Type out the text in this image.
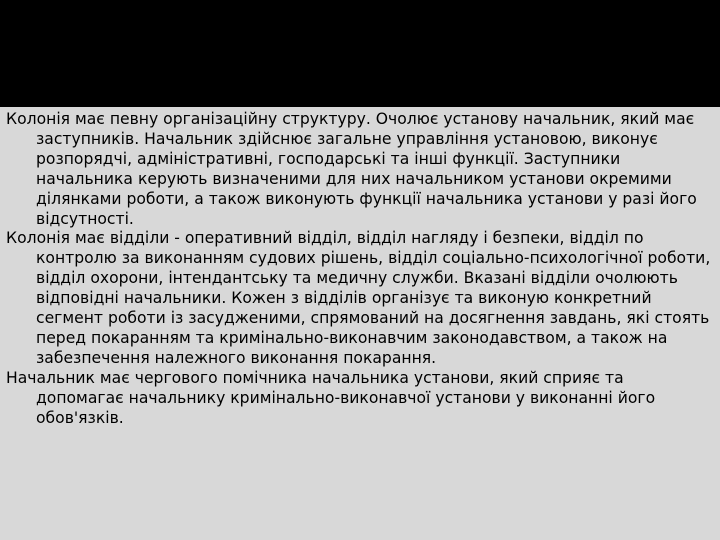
Колонія має певну організаційну структуру. Очолює установу начальник, який має заступників. Начальник здійснює загальне управління установою, виконує розпорядчі, адміністративні, господарські та інші функції. Заступники начальника керують визначеними для них начальником установи окремими ділянками роботи, а також виконують функції начальника установи у разі його відсутності.

Колонія має відділи - оперативний відділ, відділ нагляду і безпеки, відділ по контролю за виконанням судових рішень, відділ соціально-психологічної роботи, відділ охорони, інтендантську та медичну служби. Вказані відділи очолюють відповідні начальники. Кожен з відділів організує та виконую конкретний сегмент роботи із засудженими, спрямований на досягнення завдань, які стоять перед покаранням та кримінально-виконавчим законодавством, а також на забезпечення належного виконання покарання.

Начальник має чергового помічника начальника установи, який сприяє та допомагає начальнику кримінально-виконавчої установи у виконанні його обов'язків.
